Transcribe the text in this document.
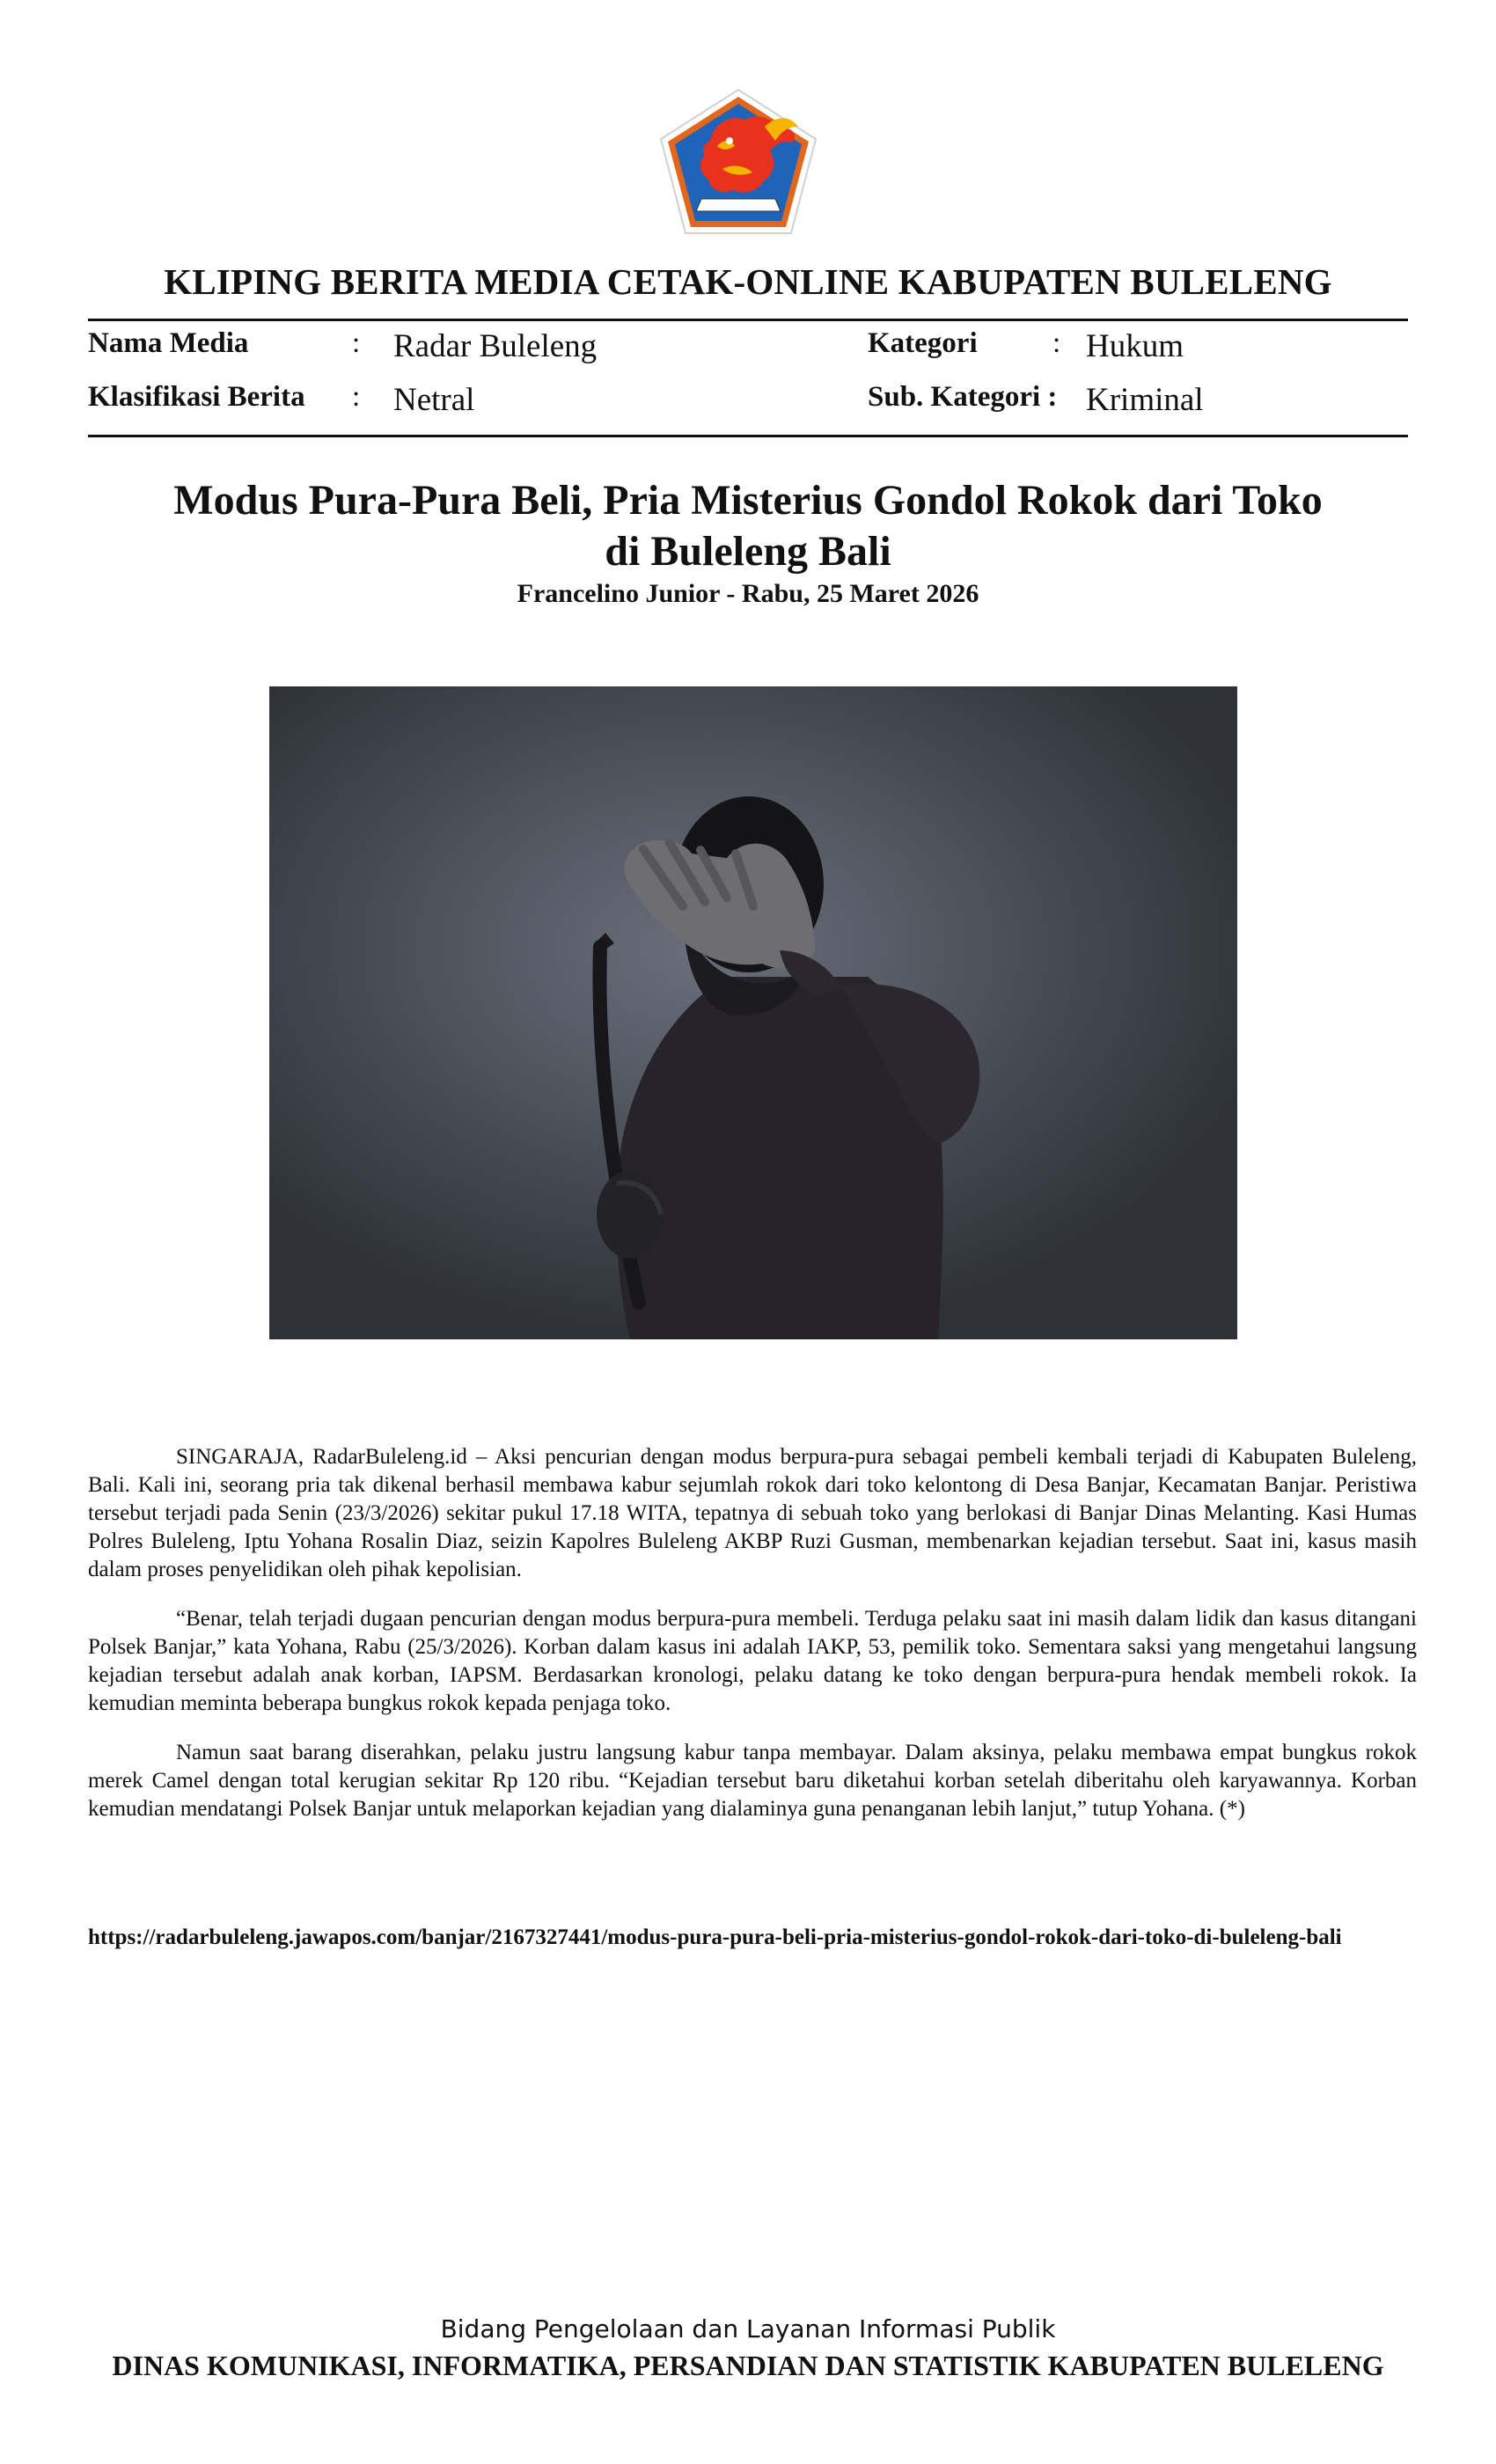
KLIPING BERITA MEDIA CETAK-ONLINE KABUPATEN BULELENG
Nama Media	: Radar Buleleng	Kategori	: Hukum
Klasifikasi Berita : Netral	Sub. Kategori : Kriminal
Modus Pura-Pura Beli, Pria Misterius Gondol Rokok dari Toko
di Buleleng Bali
Francelino Junior - Rabu, 25 Maret 2026

SINGARAJA, RadarBuleleng.id – Aksi pencurian dengan modus berpura-pura sebagai pembeli kembali terjadi di Kabupaten Buleleng, Bali. Kali ini, seorang pria tak dikenal berhasil membawa kabur sejumlah rokok dari toko kelontong di Desa Banjar, Kecamatan Banjar. Peristiwa tersebut terjadi pada Senin (23/3/2026) sekitar pukul 17.18 WITA, tepatnya di sebuah toko yang berlokasi di Banjar Dinas Melanting. Kasi Humas Polres Buleleng, Iptu Yohana Rosalin Diaz, seizin Kapolres Buleleng AKBP Ruzi Gusman, membenarkan kejadian tersebut. Saat ini, kasus masih dalam proses penyelidikan oleh pihak kepolisian.

“Benar, telah terjadi dugaan pencurian dengan modus berpura-pura membeli. Terduga pelaku saat ini masih dalam lidik dan kasus ditangani Polsek Banjar,” kata Yohana, Rabu (25/3/2026). Korban dalam kasus ini adalah IAKP, 53, pemilik toko. Sementara saksi yang mengetahui langsung kejadian tersebut adalah anak korban, IAPSM. Berdasarkan kronologi, pelaku datang ke toko dengan berpura-pura hendak membeli rokok. Ia kemudian meminta beberapa bungkus rokok kepada penjaga toko.

Namun saat barang diserahkan, pelaku justru langsung kabur tanpa membayar. Dalam aksinya, pelaku membawa empat bungkus rokok merek Camel dengan total kerugian sekitar Rp 120 ribu. “Kejadian tersebut baru diketahui korban setelah diberitahu oleh karyawannya. Korban kemudian mendatangi Polsek Banjar untuk melaporkan kejadian yang dialaminya guna penanganan lebih lanjut,” tutup Yohana. (*)

https://radarbuleleng.jawapos.com/banjar/2167327441/modus-pura-pura-beli-pria-misterius-gondol-rokok-dari-toko-di-buleleng-bali
Bidang Pengelolaan dan Layanan Informasi Publik
DINAS KOMUNIKASI, INFORMATIKA, PERSANDIAN DAN STATISTIK KABUPATEN BULELENG
